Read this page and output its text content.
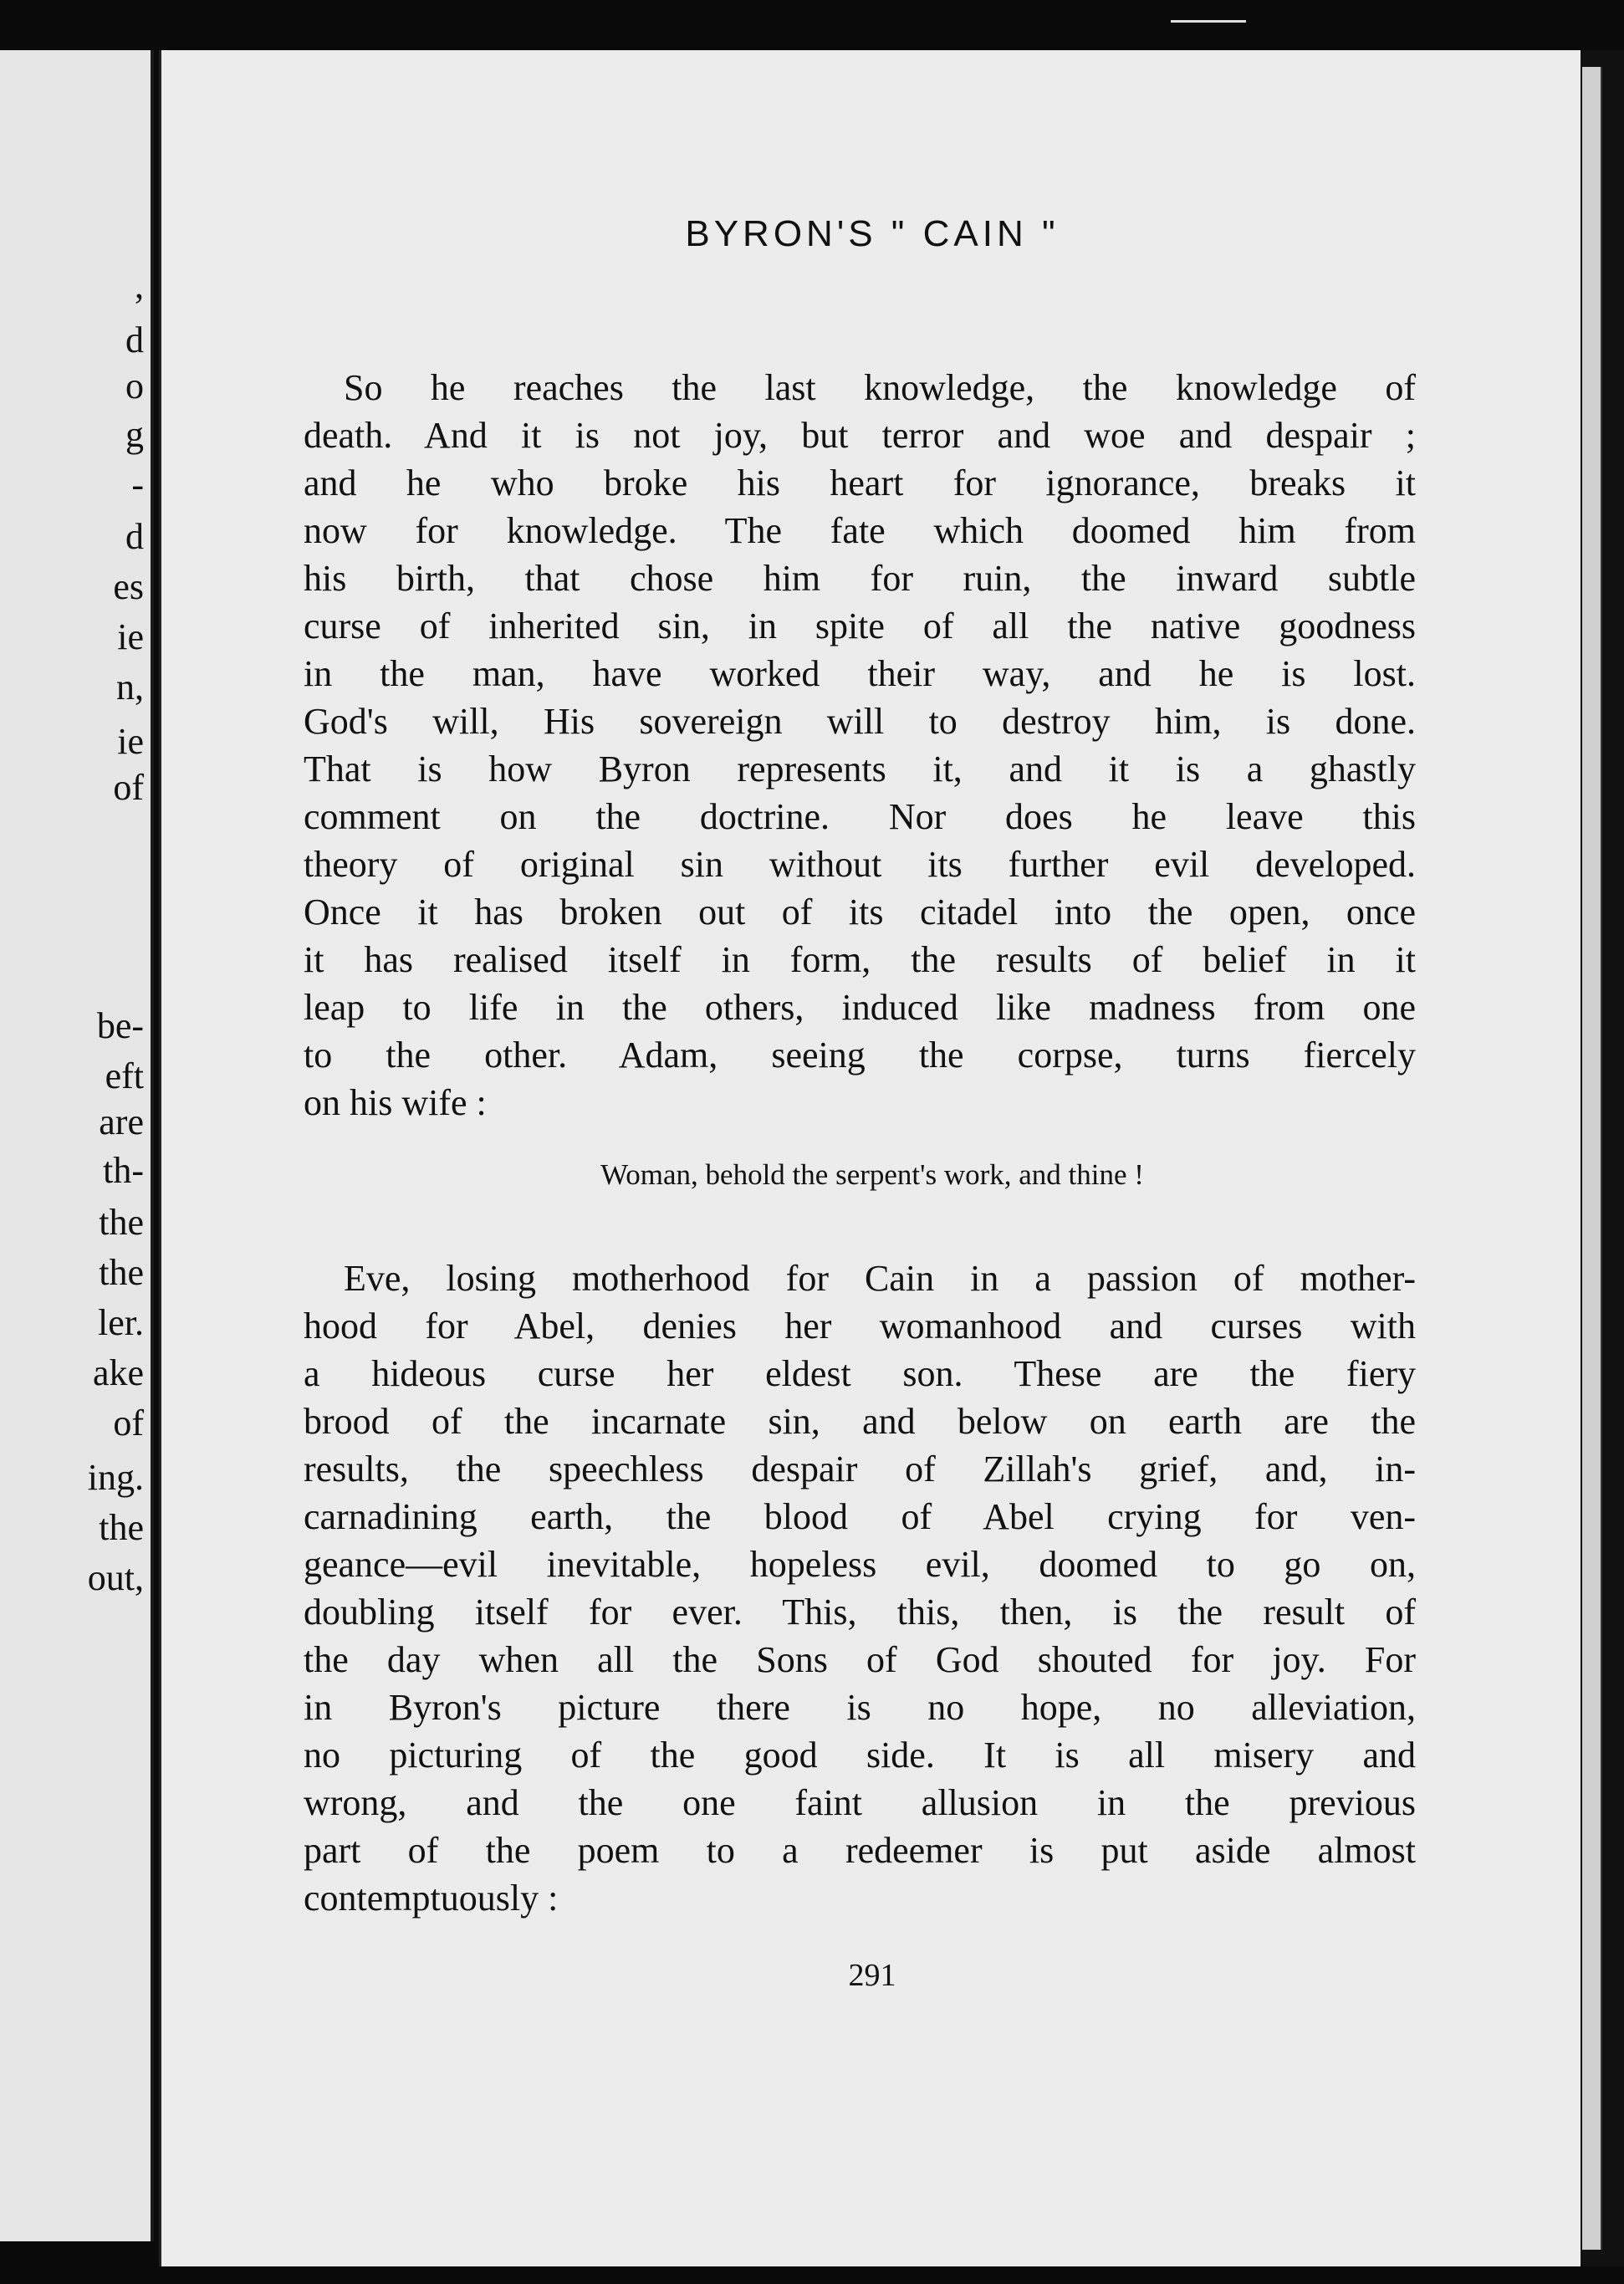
,
d
o
g
-
d
es
ie
n,
ie
of
be-
eft
are
th-
the
the
ler.
ake
of
ing.
the
out,
BYRON'S " CAIN "
So he reaches the last knowledge, the knowledge of
death. And it is not joy, but terror and woe and despair ;
and he who broke his heart for ignorance, breaks it
now for knowledge. The fate which doomed him from
his birth, that chose him for ruin, the inward subtle
curse of inherited sin, in spite of all the native goodness
in the man, have worked their way, and he is lost.
God's will, His sovereign will to destroy him, is done.
That is how Byron represents it, and it is a ghastly
comment on the doctrine. Nor does he leave this
theory of original sin without its further evil developed.
Once it has broken out of its citadel into the open, once
it has realised itself in form, the results of belief in it
leap to life in the others, induced like madness from one
to the other. Adam, seeing the corpse, turns fiercely
on his wife :
Woman, behold the serpent's work, and thine !
Eve, losing motherhood for Cain in a passion of mother-
hood for Abel, denies her womanhood and curses with
a hideous curse her eldest son. These are the fiery
brood of the incarnate sin, and below on earth are the
results, the speechless despair of Zillah's grief, and, in-
carnadining earth, the blood of Abel crying for ven-
geance—evil inevitable, hopeless evil, doomed to go on,
doubling itself for ever. This, this, then, is the result of
the day when all the Sons of God shouted for joy. For
in Byron's picture there is no hope, no alleviation,
no picturing of the good side. It is all misery and
wrong, and the one faint allusion in the previous
part of the poem to a redeemer is put aside almost
contemptuously :
291
